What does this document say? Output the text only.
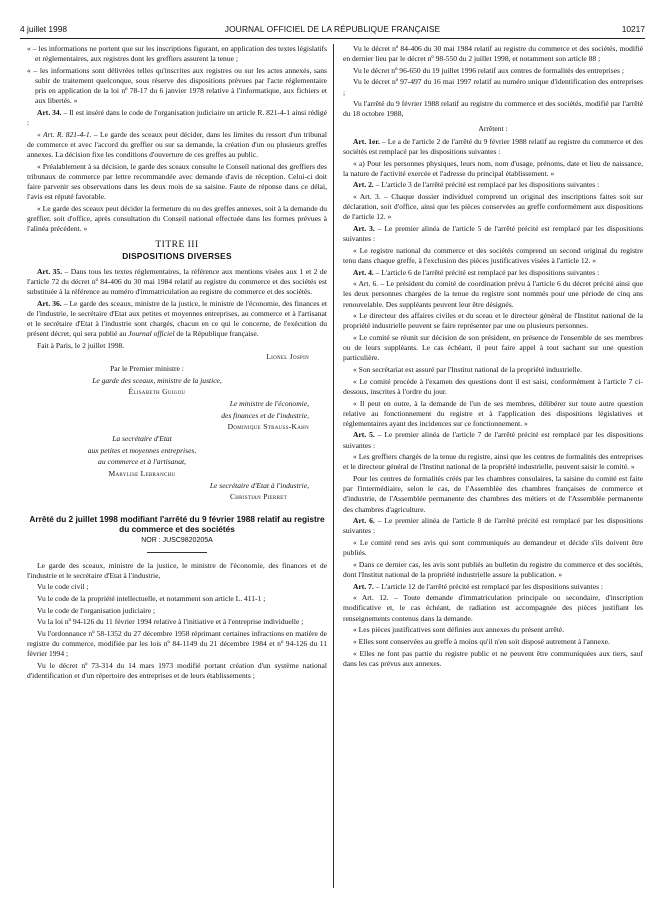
4 juillet 1998	JOURNAL OFFICIEL DE LA RÉPUBLIQUE FRANÇAISE	10217

« – les informations ne portent que sur les inscriptions figurant, en application des textes législatifs et réglementaires, aux registres dont les greffiers assurent la tenue ;

« – les informations sont délivrées telles qu'inscrites aux registres ou sur les actes annexés, sans subir de traitement quelconque, sous réserve des dispositions prévues par l'acte réglementaire pris en application de la loi nº 78-17 du 6 janvier 1978 relative à l'informatique, aux fichiers et aux libertés. »

Art. 34. – Il est inséré dans le code de l'organisation judiciaire un article R. 821-4-1 ainsi rédigé :

« Art. R. 821-4-1. – Le garde des sceaux peut décider, dans les limites du ressort d'un tribunal de commerce et avec l'accord du greffier ou sur sa demande, la création d'un ou plusieurs greffes annexes. La décision fixe les conditions d'ouverture de ces greffes au public.

« Préalablement à sa décision, le garde des sceaux consulte le Conseil national des greffiers des tribunaux de commerce par lettre recommandée avec demande d'avis de réception. Celui-ci doit faire parvenir ses observations dans les deux mois de sa saisine. Faute de réponse dans ce délai, l'avis est réputé favorable.

« Le garde des sceaux peut décider la fermeture du ou des greffes annexes, soit à la demande du greffier, soit d'office, après consultation du Conseil national effectuée dans les formes prévues à l'alinéa précédent. »

TITRE III

DISPOSITIONS DIVERSES

Art. 35. – Dans tous les textes réglementaires, la référence aux mentions visées aux 1 et 2 de l'article 72 du décret nº 84-406 du 30 mai 1984 relatif au registre du commerce et des sociétés est substituée à la référence au numéro d'immatriculation au registre du commerce et des sociétés.

Art. 36. – Le garde des sceaux, ministre de la justice, le ministre de l'économie, des finances et de l'industrie, le secrétaire d'Etat aux petites et moyennes entreprises, au commerce et à l'artisanat et le secrétaire d'Etat à l'industrie sont chargés, chacun en ce qui le concerne, de l'exécution du présent décret, qui sera publié au Journal officiel de la République française.

Fait à Paris, le 2 juillet 1998.

Lionel Jospin

Par le Premier ministre :

Le garde des sceaux, ministre de la justice,

Élisabeth Guigou

Le ministre de l'économie,

des finances et de l'industrie,

Dominique Strauss-Kahn

La secrétaire d'Etat

aux petites et moyennes entreprises,

au commerce et à l'artisanat,

Marylise Lebranchu

Le secrétaire d'Etat à l'industrie,

Christian Pierret

Arrêté du 2 juillet 1998 modifiant l'arrêté du 9 février 1988 relatif au registre du commerce et des sociétés

NOR : JUSC9820205A

Le garde des sceaux, ministre de la justice, le ministre de l'économie, des finances et de l'industrie et le secrétaire d'Etat à l'industrie,

Vu le code civil ;

Vu le code de la propriété intellectuelle, et notamment son article L. 411-1 ;

Vu le code de l'organisation judiciaire ;

Vu la loi nº 94-126 du 11 février 1994 relative à l'initiative et à l'entreprise individuelle ;

Vu l'ordonnance nº 58-1352 du 27 décembre 1958 réprimant certaines infractions en matière de registre du commerce, modifiée par les lois nº 84-1149 du 21 décembre 1984 et nº 94-126 du 11 février 1994 ;

Vu le décret nº 73-314 du 14 mars 1973 modifié portant création d'un système national d'identification et d'un répertoire des entreprises et de leurs établissements ;

Vu le décret nº 84-406 du 30 mai 1984 relatif au registre du commerce et des sociétés, modifié en dernier lieu par le décret nº 98-550 du 2 juillet 1998, et notamment son article 88 ;

Vu le décret nº 96-650 du 19 juillet 1996 relatif aux centres de formalités des entreprises ;

Vu le décret nº 97-497 du 16 mai 1997 relatif au numéro unique d'identification des entreprises ;

Vu l'arrêté du 9 février 1988 relatif au registre du commerce et des sociétés, modifié par l'arrêté du 18 octobre 1988,

Arrêtent :

Art. 1er. – Le a de l'article 2 de l'arrêté du 9 février 1988 relatif au registre du commerce et des sociétés est remplacé par les dispositions suivantes :

« a) Pour les personnes physiques, leurs nom, nom d'usage, prénoms, date et lieu de naissance, la nature de l'activité exercée et l'adresse du principal établissement. »

Art. 2. – L'article 3 de l'arrêté précité est remplacé par les dispositions suivantes :

« Art. 3. – Chaque dossier individuel comprend un original des inscriptions faites soit sur déclaration, soit d'office, ainsi que les pièces conservées au greffe conformément aux dispositions de l'article 12. »

Art. 3. – Le premier alinéa de l'article 5 de l'arrêté précité est remplacé par les dispositions suivantes :

« Le registre national du commerce et des sociétés comprend un second original du registre tenu dans chaque greffe, à l'exclusion des pièces justificatives visées à l'article 12. »

Art. 4. – L'article 6 de l'arrêté précité est remplacé par les dispositions suivantes :

« Art. 6. – Le président du comité de coordination prévu à l'article 6 du décret précité ainsi que les deux personnes chargées de la tenue du registre sont nommés pour une période de cinq ans renouvelable. Des suppléants peuvent leur être désignés.

« Le directeur des affaires civiles et du sceau et le directeur général de l'Institut national de la propriété industrielle peuvent se faire représenter par une ou plusieurs personnes.

« Le comité se réunit sur décision de son président, en présence de l'ensemble de ses membres ou de leurs suppléants. Le cas échéant, il peut faire appel à tout sachant sur une question particulière.

« Son secrétariat est assuré par l'Institut national de la propriété industrielle.

« Le comité procède à l'examen des questions dont il est saisi, conformément à l'article 7 ci-dessous, inscrites à l'ordre du jour.

« Il peut en outre, à la demande de l'un de ses membres, délibérer sur toute autre question relative au fonctionnement du registre et à l'application des dispositions législatives et réglementaires ayant des incidences sur ce fonctionnement. »

Art. 5. – Le premier alinéa de l'article 7 de l'arrêté précité est remplacé par les dispositions suivantes :

« Les greffiers chargés de la tenue du registre, ainsi que les centres de formalités des entreprises et le directeur général de l'Institut national de la propriété industrielle, peuvent saisir le comité. »

Pour les centres de formalités créés par les chambres consulaires, la saisine du comité est faite par l'intermédiaire, selon le cas, de l'Assemblée des chambres françaises de commerce et d'industrie, de l'Assemblée permanente des chambres des métiers et de l'Assemblée permanente des chambres d'agriculture.

Art. 6. – Le premier alinéa de l'article 8 de l'arrêté précité est remplacé par les dispositions suivantes :

« Le comité rend ses avis qui sont communiqués au demandeur et décide s'ils doivent être publiés.

« Dans ce dernier cas, les avis sont publiés au bulletin du registre du commerce et des sociétés, dont l'Institut national de la propriété industrielle assure la publication. »

Art. 7. – L'article 12 de l'arrêté précité est remplacé par les dispositions suivantes :

« Art. 12. – Toute demande d'immatriculation principale ou secondaire, d'inscription modificative et, le cas échéant, de radiation est accompagnée des pièces justifiant les renseignements contenus dans la demande.

« Les pièces justificatives sont définies aux annexes du présent arrêté.

« Elles sont conservées au greffe à moins qu'il n'en soit disposé autrement à l'annexe.

« Elles ne font pas partie du registre public et ne peuvent être communiquées aux tiers, sauf dans les cas prévus aux annexes.
